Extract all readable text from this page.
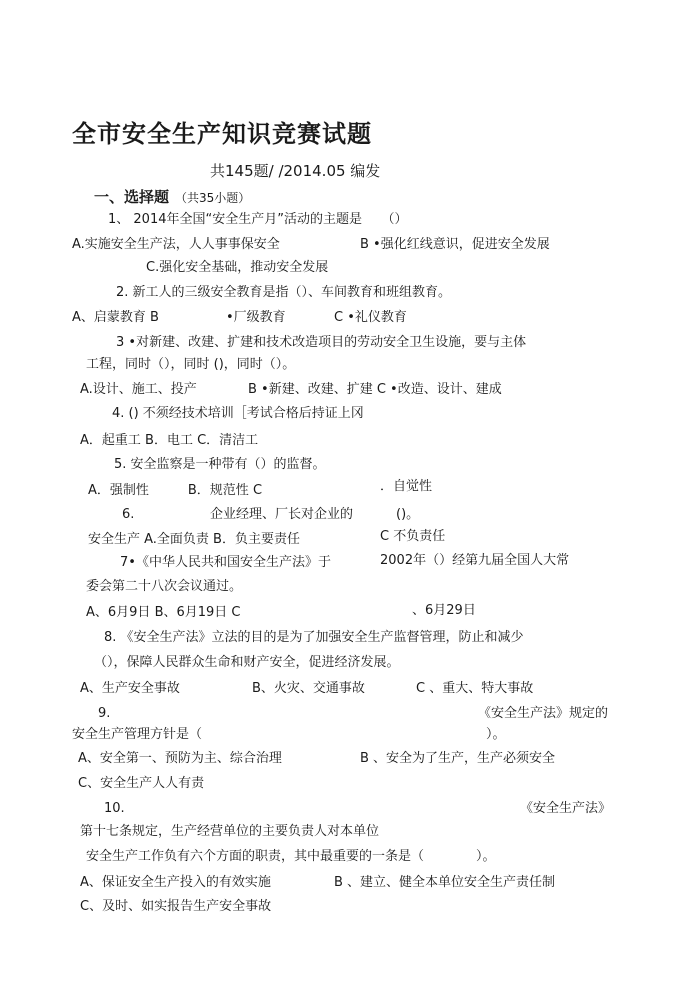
全市安全生产知识竞赛试题
共145题/ /2014.05 编发
一、选择题 （共35小题）
1、 2014年全国“安全生产月”活动的主题是　　（）
A.实施安全生产法，人人事事保安全	B •强化红线意识，促进安全发展
C.强化安全基础，推动安全发展
2. 新工人的三级安全教育是指（）、车间教育和班组教育。
A、启蒙教育 B	•厂级教育	C •礼仪教育
3 •对新建、改建、扩建和技术改造项目的劳动安全卫生设施，要与主体
工程，同时（），同时 ()，同时（）。
A.设计、施工、投产	B •新建、改建、扩建 C •改造、设计、建成
4. () 不须经技术培训［考试合格后持证上冈
A．起重工 B．电工 C．清洁工
5. 安全监察是一种带有（）的监督。
A．强制性　　　B．规范性 C	．自觉性
6.	企业经理、厂长对企业的	()。
安全生产 A.全面负责 B．负主要责任	C 不负责任
7•《中华人民共和国安全生产法》于	2002年（）经第九届全国人大常
委会第二十八次会议通过。
A、6月9日 B、6月19日 C	、6月29日
8. 《安全生产法》立法的目的是为了加强安全生产监督管理，防止和减少
（），保障人民群众生命和财产安全，促进经济发展。
A、生产安全事故	B、火灾、交通事故	C 、重大、特大事故
9.	《安全生产法》规定的
安全生产管理方针是（	）。
A、安全第一、预防为主、综合治理	B 、安全为了生产，生产必须安全
C、安全生产人人有责
10.	《安全生产法》
第十七条规定，生产经营单位的主要负责人对本单位
安全生产工作负有六个方面的职责，其中最重要的一条是（　　　　）。
A、保证安全生产投入的有效实施	B 、建立、健全本单位安全生产责任制
C、及时、如实报告生产安全事故
